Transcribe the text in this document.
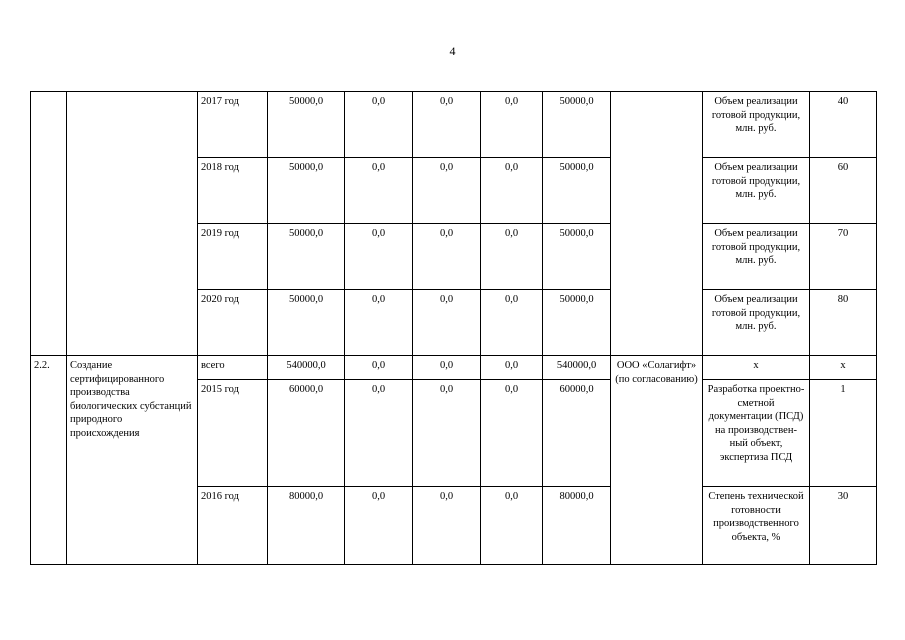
4
		2017 год	50000,0	0,0	0,0	0,0	50000,0		Объем реализации готовой продукции, млн. руб.	40
		2018 год	50000,0	0,0	0,0	0,0	50000,0		Объем реализации готовой продукции, млн. руб.	60
		2019 год	50000,0	0,0	0,0	0,0	50000,0		Объем реализации готовой продукции, млн. руб.	70
		2020 год	50000,0	0,0	0,0	0,0	50000,0		Объем реализации готовой продукции, млн. руб.	80
2.2.	Создание сертифицированного производства биологических субстанций природного происхождения	всего	540000,0	0,0	0,0	0,0	540000,0	ООО «Солагифт» (по согласованию)	х	х
		2015 год	60000,0	0,0	0,0	0,0	60000,0		Разработка проектно-сметной документации (ПСД) на производствен-ный объект, экспертиза ПСД	1
		2016 год	80000,0	0,0	0,0	0,0	80000,0		Степень технической готовности производственного объекта, %	30
